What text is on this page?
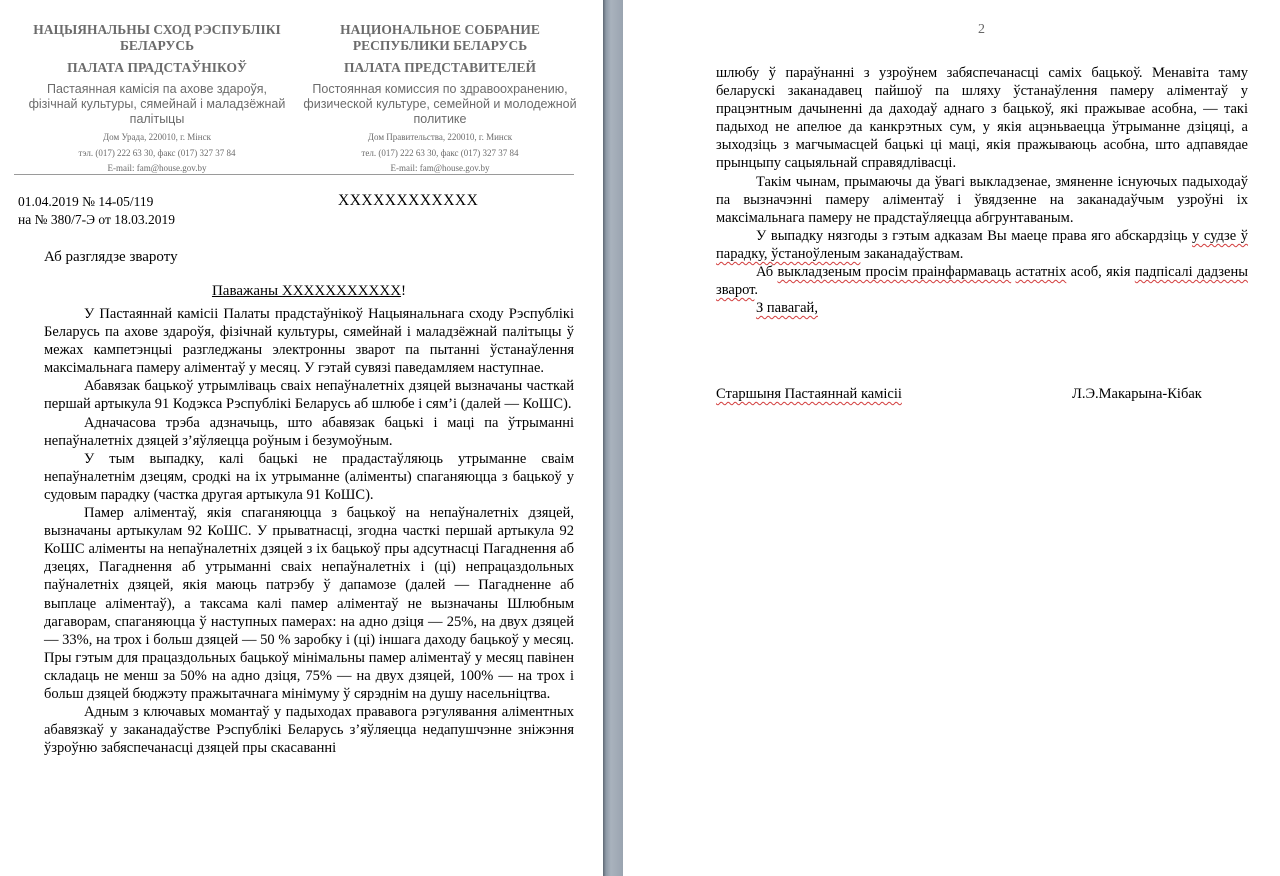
НАЦЫЯНАЛЬНЫ СХОД РЭСПУБЛІКІ БЕЛАРУСЬ
ПАЛАТА ПРАДСТАЎНІКОЎ
Пастаянная камісія па ахове здароўя, фізічнай культуры, сямейнай і маладзёжнай палітыцы
Дом Урада, 220010, г. Мінск
тэл. (017) 222 63 30, факс (017) 327 37 84
E-mail: fam@house.gov.by
НАЦИОНАЛЬНОЕ СОБРАНИЕ РЕСПУБЛИКИ БЕЛАРУСЬ
ПАЛАТА ПРЕДСТАВИТЕЛЕЙ
Постоянная комиссия по здравоохранению, физической культуре, семейной и молодежной политике
Дом Правительства, 220010, г. Минск
тел. (017) 222 63 30, факс (017) 327 37 84
E-mail: fam@house.gov.by
01.04.2019 № 14-05/119
на № 380/7-Э от 18.03.2019
ХХХХХХХХХХХХ
Аб разглядзе звароту
Паважаны ХХХХХХХХХХХ!

У Пастаяннай камісіі Палаты прадстаўнікоў Нацыянальнага сходу Рэспублікі Беларусь па ахове здароўя, фізічнай культуры, сямейнай і маладзёжнай палітыцы ў межах кампетэнцыі разгледжаны электронны зварот па пытанні ўстанаўлення максімальнага памеру аліментаў у месяц. У гэтай сувязі паведамляем наступнае.

Абавязак бацькоў утрымліваць сваіх непаўналетніх дзяцей вызначаны часткай першай артыкула 91 Кодэкса Рэспублікі Беларусь аб шлюбе і сям’і (далей — КоШС).

Адначасова трэба адзначыць, што абавязак бацькі і маці па ўтрыманні непаўналетніх дзяцей з’яўляецца роўным і безумоўным.

У тым выпадку, калі бацькі не прадастаўляюць утрыманне сваім непаўналетнім дзецям, сродкі на іх утрыманне (аліменты) спаганяюцца з бацькоў у судовым парадку (частка другая артыкула 91 КоШС).

Памер аліментаў, якія спаганяюцца з бацькоў на непаўналетніх дзяцей, вызначаны артыкулам 92 КоШС. У прыватнасці, згодна часткі першай артыкула 92 КоШС аліменты на непаўналетніх дзяцей з іх бацькоў пры адсутнасці Пагаднення аб дзецях, Пагаднення аб утрыманні сваіх непаўналетніх і (ці) непрацаздольных паўналетніх дзяцей, якія маюць патрэбу ў дапамозе (далей — Пагадненне аб выплаце аліментаў), а таксама калі памер аліментаў не вызначаны Шлюбным дагаворам, спаганяюцца ў наступных памерах: на адно дзіця — 25%, на двух дзяцей — 33%, на трох і больш дзяцей — 50 % заробку і (ці) іншага даходу бацькоў у месяц. Пры гэтым для працаздольных бацькоў мінімальны памер аліментаў у месяц павінен складаць не менш за 50% на адно дзіця, 75% — на двух дзяцей, 100% — на трох і больш дзяцей бюджэту пражытачнага мінімуму ў сярэднім на душу насельніцтва.

Адным з ключавых момантаў у падыходах прававога рэгулявання аліментных абавязкаў у заканадаўстве Рэспублікі Беларусь з’яўляецца недапушчэнне зніжэння ўзроўню забяспечанасці дзяцей пры скасаванні

2

шлюбу ў параўнанні з узроўнем забяспечанасці саміх бацькоў. Менавіта таму беларускі заканадавец пайшоў па шляху ўстанаўлення памеру аліментаў у працэнтным дачыненні да даходаў аднаго з бацькоў, які пражывае асобна, — такі падыход не апелюе да канкрэтных сум, у якія ацэньваецца ўтрыманне дзіцяці, а зыходзіць з магчымасцей бацькі ці маці, якія пражываюць асобна, што адпавядае прынцыпу сацыяльнай справядлівасці.

Такім чынам, прымаючы да ўвагі выкладзенае, змяненне існуючых падыходаў па вызначэнні памеру аліментаў і ўвядзенне на заканадаўчым узроўні іх максімальнага памеру не прадстаўляецца абгрунтаваным.

У выпадку нязгоды з гэтым адказам Вы маеце права яго абскардзіць у судзе ў парадку, ўстаноўленым заканадаўствам.

Аб выкладзеным просім праінфармаваць астатніх асоб, якія падпісалі дадзены зварот.

З павагай,

Старшыня Пастаяннай камісіі	Л.Э.Макарына-Кібак
